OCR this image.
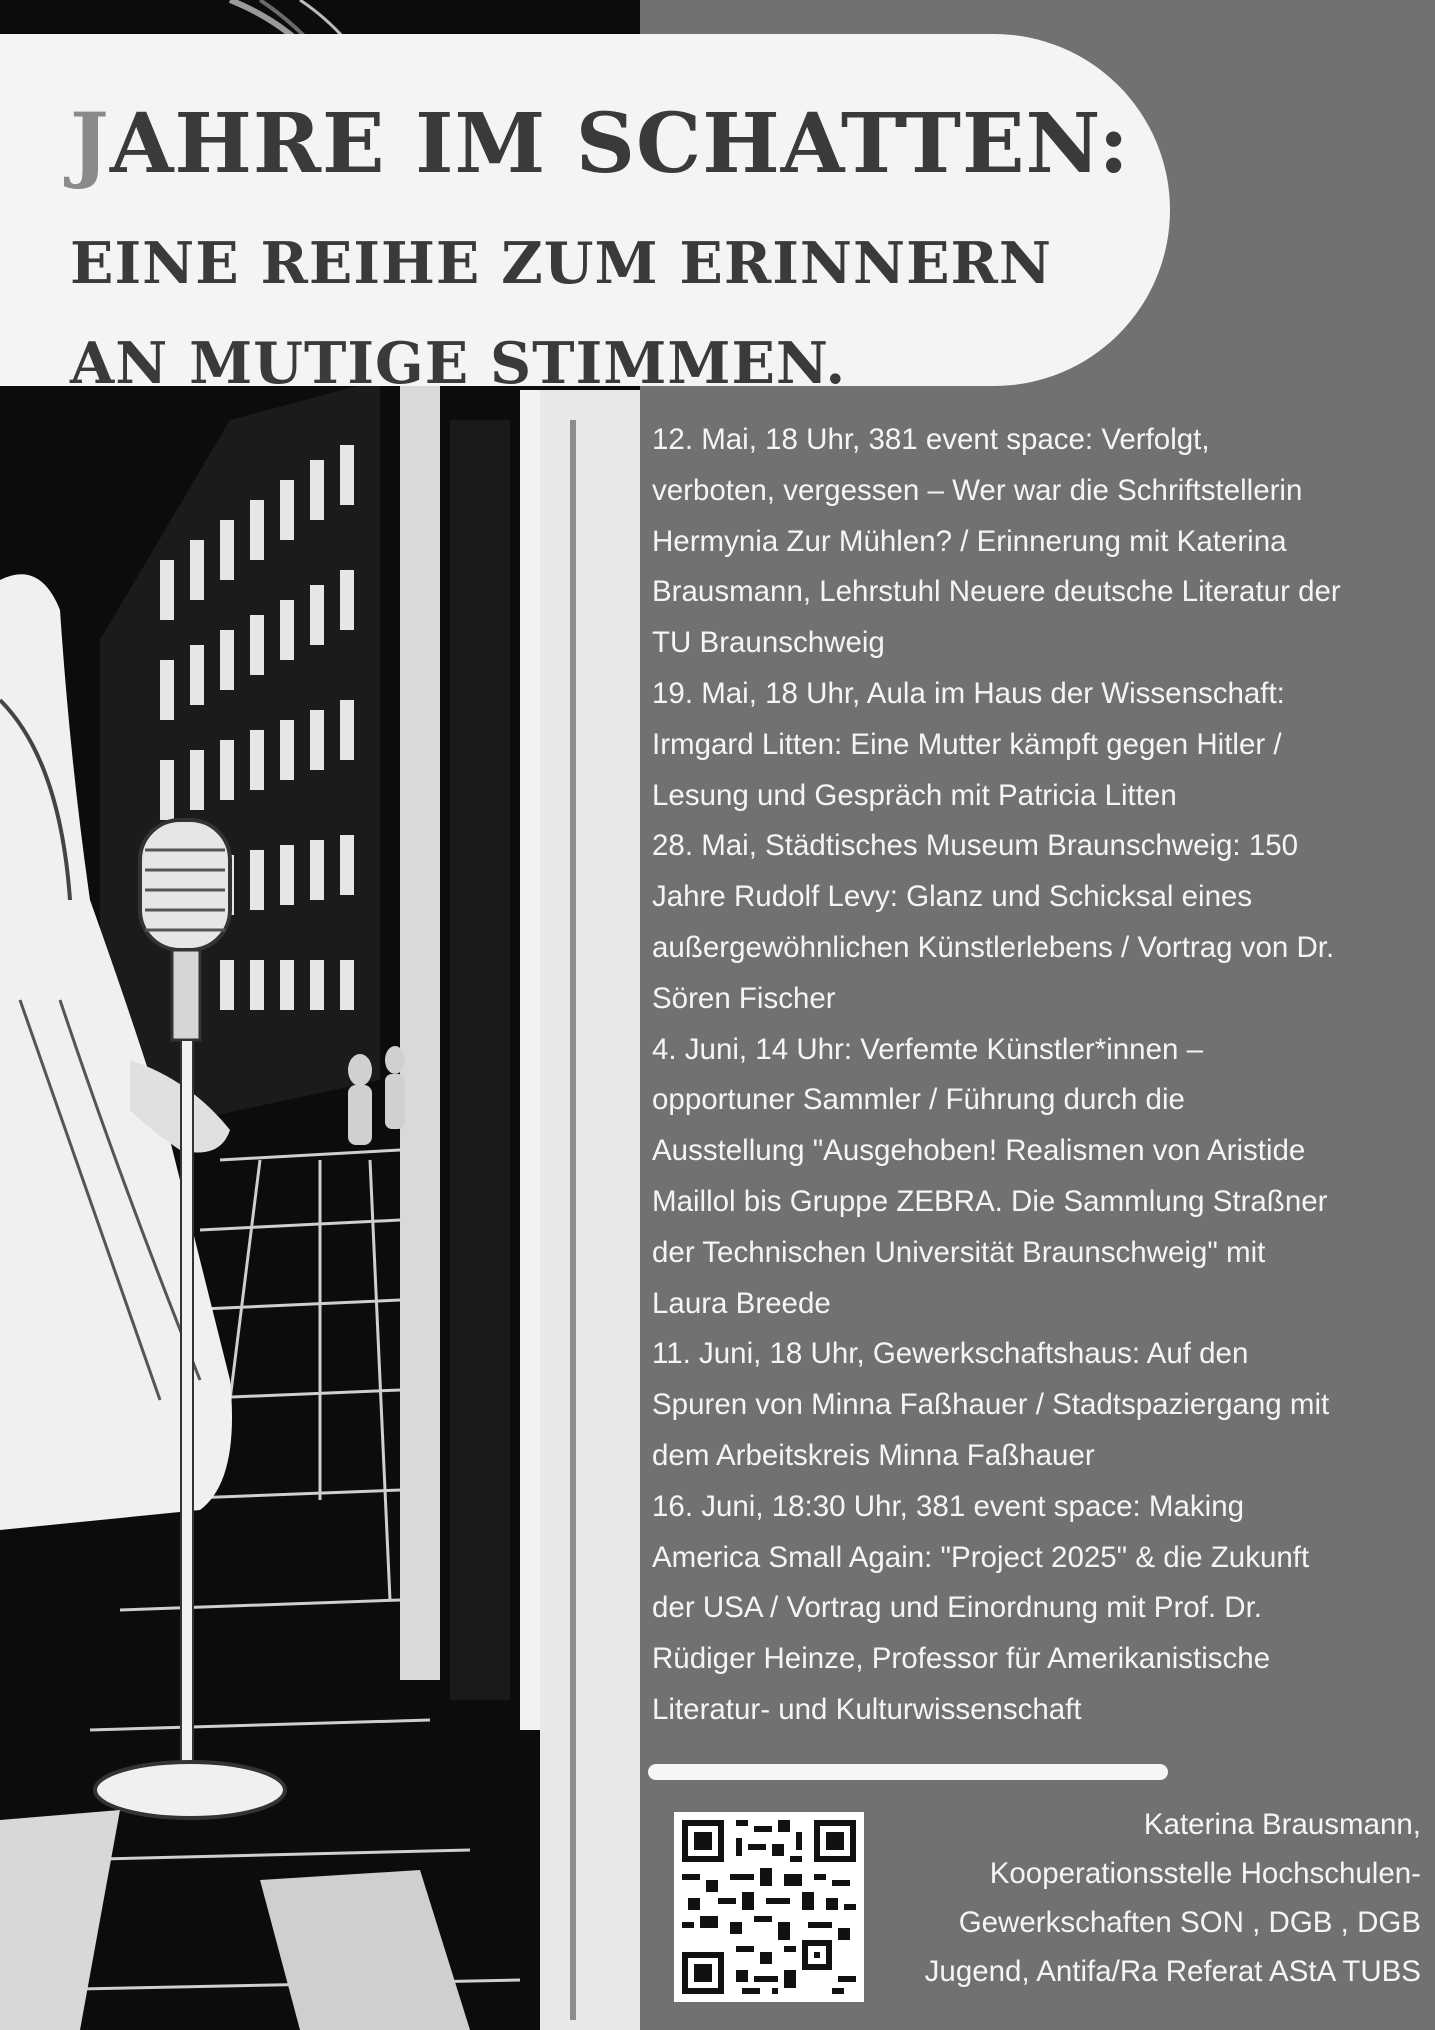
JAHRE IM SCHATTEN:
EINE REIHE ZUM ERINNERN
AN MUTIGE STIMMEN.
12. Mai, 18 Uhr, 381 event space: Verfolgt,
verboten, vergessen – Wer war die Schriftstellerin
Hermynia Zur Mühlen? / Erinnerung mit Katerina
Brausmann, Lehrstuhl Neuere deutsche Literatur der
TU Braunschweig
19. Mai, 18 Uhr, Aula im Haus der Wissenschaft:
Irmgard Litten: Eine Mutter kämpft gegen Hitler /
Lesung und Gespräch mit Patricia Litten
28. Mai, Städtisches Museum Braunschweig: 150
Jahre Rudolf Levy: Glanz und Schicksal eines
außergewöhnlichen Künstlerlebens / Vortrag von Dr.
Sören Fischer
4. Juni, 14 Uhr: Verfemte Künstler*innen –
opportuner Sammler / Führung durch die
Ausstellung "Ausgehoben! Realismen von Aristide
Maillol bis Gruppe ZEBRA. Die Sammlung Straßner
der Technischen Universität Braunschweig" mit
Laura Breede
11. Juni, 18 Uhr, Gewerkschaftshaus: Auf den
Spuren von Minna Faßhauer / Stadtspaziergang mit
dem Arbeitskreis Minna Faßhauer
16. Juni, 18:30 Uhr, 381 event space: Making
America Small Again: "Project 2025" & die Zukunft
der USA / Vortrag und Einordnung mit Prof. Dr.
Rüdiger Heinze, Professor für Amerikanistische
Literatur- und Kulturwissenschaft

Katerina Brausmann,

Kooperationsstelle Hochschulen-

Gewerkschaften SON , DGB , DGB

Jugend, Antifa/Ra Referat AStA TUBS
